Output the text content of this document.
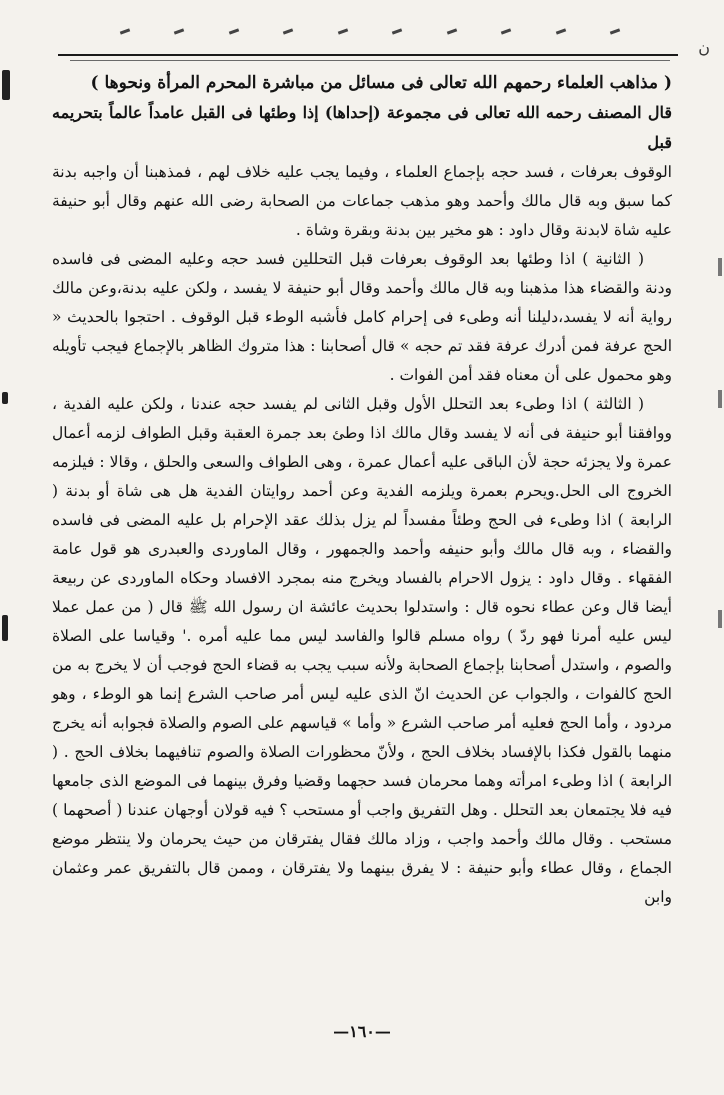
ن

( مذاهب العلماء رحمهم الله تعالى فى مسائل من مباشرة المحرم المرأة ونحوها )

قال المصنف رحمه الله تعالى فى مجموعة (إحداها) إذا وطئها فى القبل عامداً عالماً بتحريمه قبل

الوقوف بعرفات ، فسد حجه بإجماع العلماء ، وفيما يجب عليه خلاف لهم ، فمذهبنا أن واجبه بدنة كما سبق وبه قال مالك وأحمد وهو مذهب جماعات من الصحابة رضى الله عنهم وقال أبو حنيفة عليه شاة لابدنة وقال داود : هو مخير بين بدنة وبقرة وشاة .

( الثانية ) اذا وطئها بعد الوقوف بعرفات قبل التحللين فسد حجه وعليه المضى فى فاسده ودنة والقضاء هذا مذهبنا وبه قال مالك وأحمد وقال أبو حنيفة لا يفسد ، ولكن عليه بدنة،وعن مالك رواية أنه لا يفسد،دليلنا أنه وطىء فى إحرام كامل فأشبه الوطء قبل الوقوف . احتجوا بالحديث « الحج عرفة فمن أدرك عرفة فقد تم حجه » قال أصحابنا : هذا متروك الظاهر بالإجماع فيجب تأويله وهو محمول على أن معناه فقد أمن الفوات .

( الثالثة ) اذا وطىء بعد التحلل الأول وقبل الثانى لم يفسد حجه عندنا ، ولكن عليه الفدية ، ووافقنا أبو حنيفة فى أنه لا يفسد وقال مالك اذا وطئ بعد جمرة العقبة وقبل الطواف لزمه أعمال عمرة ولا يجزئه حجة لأن الباقى عليه أعمال عمرة ، وهى الطواف والسعى والحلق ، وقالا : فيلزمه الخروج الى الحل.ويحرم بعمرة ويلزمه الفدية وعن أحمد روايتان الفدية هل هى شاة أو بدنة ( الرابعة ) اذا وطىء فى الحج وطئاً مفسداً لم يزل بذلك عقد الإحرام بل عليه المضى فى فاسده والقضاء ، وبه قال مالك وأبو حنيفه وأحمد والجمهور ، وقال الماوردى والعبدرى هو قول عامة الفقهاء . وقال داود : يزول الاحرام بالفساد ويخرج منه بمجرد الافساد وحكاه الماوردى عن ربيعة أيضا قال وعن عطاء نحوه قال : واستدلوا بحديث عائشة ان رسول الله ﷺ قال ( من عمل عملا ليس عليه أمرنا فهو ردّ ) رواه مسلم قالوا والفاسد ليس مما عليه أمره .' وقياسا على الصلاة والصوم ، واستدل أصحابنا بإجماع الصحابة ولأنه سبب يجب به قضاء الحج فوجب أن لا يخرج به من الحج كالفوات ، والجواب عن الحديث انّ الذى عليه ليس أمر صاحب الشرع إنما هو الوطء ، وهو مردود ، وأما الحج فعليه أمر صاحب الشرع « وأما » قياسهم على الصوم والصلاة فجوابه أنه يخرج منهما بالقول فكذا بالإفساد بخلاف الحج ، ولأنّ محظورات الصلاة والصوم تنافيهما بخلاف الحج . ( الرابعة ) اذا وطىء امرأته وهما محرمان فسد حجهما وقضيا وفرق بينهما فى الموضع الذى جامعها فيه فلا يجتمعان بعد التحلل . وهل التفريق واجب أو مستحب ؟ فيه قولان أوجهان عندنا ( أصحهما ) مستحب . وقال مالك وأحمد واجب ، وزاد مالك فقال يفترقان من حيث يحرمان ولا ينتظر موضع الجماع ، وقال عطاء وأبو حنيفة : لا يفرق بينهما ولا يفترقان ، وممن قال بالتفريق عمر وعثمان وابن

—١٦٠—
